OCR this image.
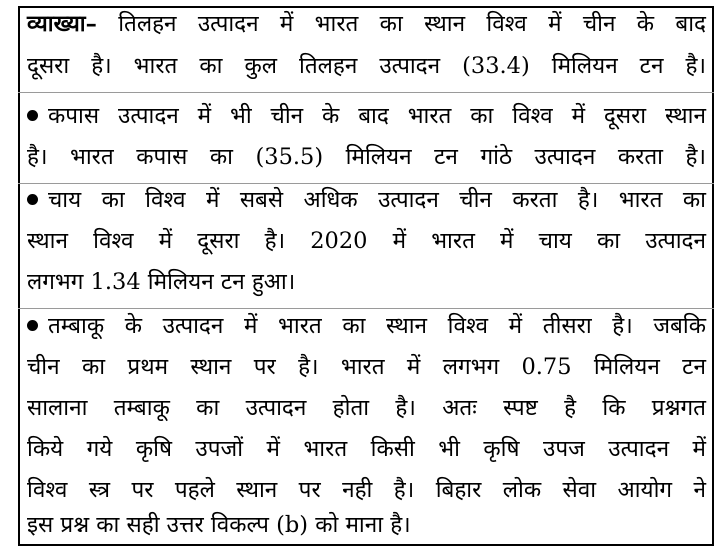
व्याख्या– तिलहन उत्पादन में भारत का स्थान विश्व में चीन के बाद
दूसरा है। भारत का कुल तिलहन उत्पादन (33.4) मिलियन टन है।
कपास उत्पादन में भी चीन के बाद भारत का विश्व में दूसरा स्थान
है। भारत कपास का (35.5) मिलियन टन गांठे उत्पादन करता है।
चाय का विश्व में सबसे अधिक उत्पादन चीन करता है। भारत का
स्थान विश्व में दूसरा है। 2020 में भारत में चाय का उत्पादन
लगभग 1.34 मिलियन टन हुआ।
तम्बाकू के उत्पादन में भारत का स्थान विश्व में तीसरा है। जबकि
चीन का प्रथम स्थान पर है। भारत में लगभग 0.75 मिलियन टन
सालाना तम्बाकू का उत्पादन होता है। अतः स्पष्ट है कि प्रश्नगत
किये गये कृषि उपजों में भारत किसी भी कृषि उपज उत्पादन में
विश्व स्त्र पर पहले स्थान पर नही है। बिहार लोक सेवा आयोग ने
इस प्रश्न का सही उत्तर विकल्प (b) को माना है।
